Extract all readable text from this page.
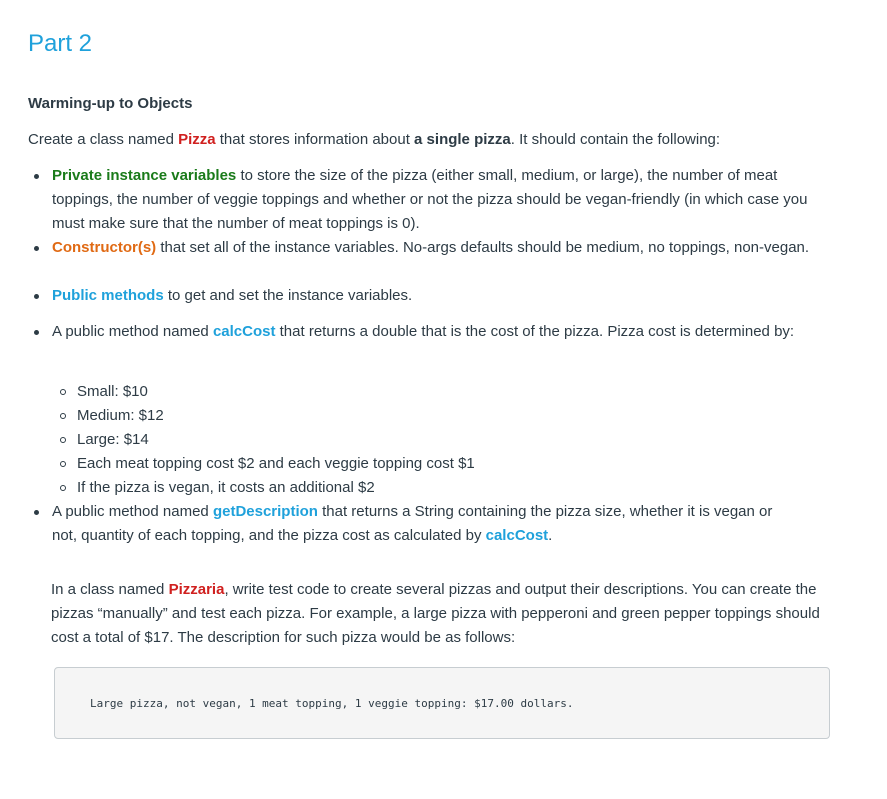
Part 2
Warming-up to Objects

Create a class named Pizza that stores information about a single pizza. It should contain the following:

Private instance variables to store the size of the pizza (either small, medium, or large), the number of meat toppings, the number of veggie toppings and whether or not the pizza should be vegan-friendly (in which case you must make sure that the number of meat toppings is 0).

Constructor(s) that set all of the instance variables. No-args defaults should be medium, no toppings, non-vegan.

Public methods to get and set the instance variables.

A public method named calcCost that returns a double that is the cost of the pizza. Pizza cost is determined by:

Small: $10

Medium: $12

Large: $14

Each meat topping cost $2 and each veggie topping cost $1

If the pizza is vegan, it costs an additional $2

A public method named getDescription that returns a String containing the pizza size, whether it is vegan or not, quantity of each topping, and the pizza cost as calculated by calcCost.

In a class named Pizzaria, write test code to create several pizzas and output their descriptions. You can create the pizzas “manually” and test each pizza. For example, a large pizza with pepperoni and green pepper toppings should cost a total of $17. The description for such pizza would be as follows:

Large pizza, not vegan, 1 meat topping, 1 veggie topping: $17.00 dollars.
